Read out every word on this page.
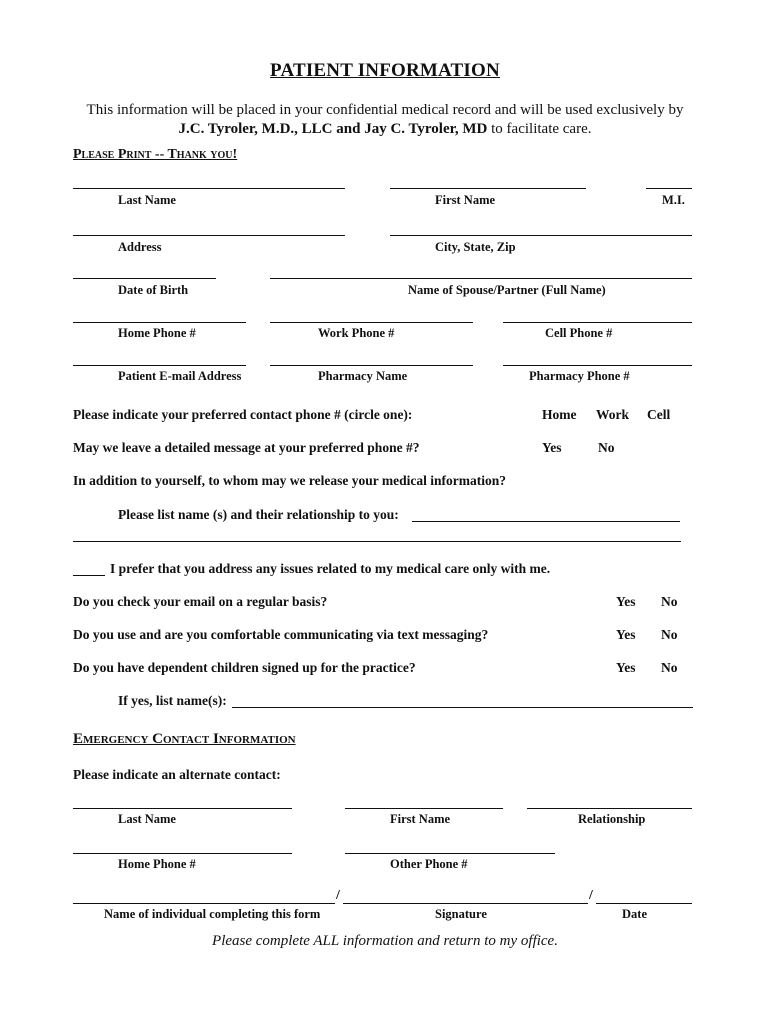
PATIENT INFORMATION
This information will be placed in your confidential medical record and will be used exclusively by
J.C. Tyroler, M.D., LLC and Jay C. Tyroler, MD to facilitate care.
Please Print -- Thank you!
Last Name	First Name	M.I.
Address	City, State, Zip
Date of Birth	Name of Spouse/Partner (Full Name)
Home Phone #	Work Phone #	Cell Phone #
Patient E-mail Address	Pharmacy Name	Pharmacy Phone #
Please indicate your preferred contact phone # (circle one):	Home Work Cell
May we leave a detailed message at your preferred phone #?	Yes	No
In addition to yourself, to whom may we release your medical information?
Please list name (s) and their relationship to you:
I prefer that you address any issues related to my medical care only with me.
Do you check your email on a regular basis?	Yes No
Do you use and are you comfortable communicating via text messaging?	Yes No
Do you have dependent children signed up for the practice?	Yes No
If yes, list name(s):
Emergency Contact Information
Please indicate an alternate contact:
Last Name	First Name	Relationship
Home Phone #	Other Phone #
/	/
Name of individual completing this form	Signature	Date
Please complete ALL information and return to my office.
